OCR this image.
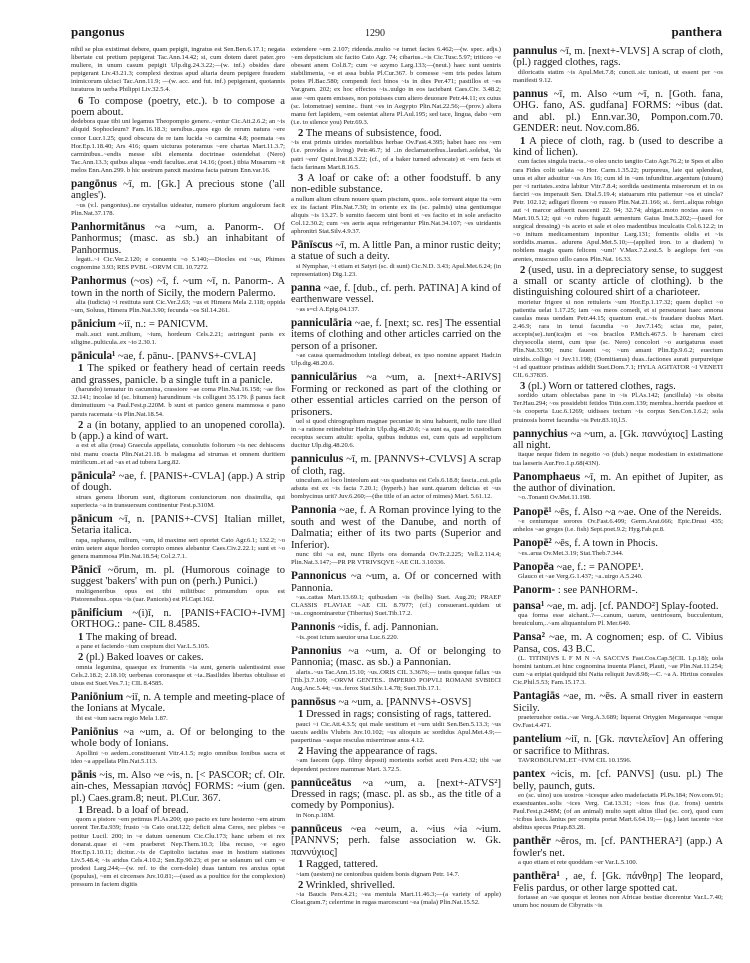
pangonus	1290	panthera

nihil se plus existimat debere, quam pepigit, ingratus est Sen.Ben.6.17.1; negata libertate cui pretium pepigerat Tac.Ann.14.42; si, cum dotem daret pater..pro muliere, in unum casum pepigit Ulp.dig.24.3.22;—(w. inf.) obsides dare pepigerant Liv.43.21.3; complexi dextras apud altaria deum pepigere fraudem inimicorum ulcisci Tac.Ann.11.9; —(w. acc. and fut. inf.) pepigerant, quotannis iuraturos in uerba Philippi Liv.32.5.4.

6 To compose (poetry, etc.). b to compose a poem about.

dedebora quae tibi uni legamus Theopompio genere..~entur Cic.Att.2.6.2; an ~is aliquid Sophocleum? Fam.16.18.3; uersibus..quos ego de rerum natura ~ere conor Lucr.1.25; quod obscura de re tam lucida ~o carmina 4.8; poemata ~es Hor.Ep.1.18.40; Ars 416; quam uicturas poteramus ~ere chartas Mart.11.3.7; carminibus..~endis messe sibi elementa doctrinae ostendebat (Nero) Tac.Ann.13.3; quibus aliqua ~endi facultas..erat 14.16; (poet.) tibia Musarum ~it melos Enn.Ann.299. b hic uestrum panxit maxima facta patrum Enn.var.16.

pangōnus ~ī, m. [Gk.] A precious stone ('all angles').

~us (v.l. pangonius)..ne crystallus uideatur, numero plurium angulorum facit Plin.Nat.37.178.

Panhormitānus ~a ~um, a. Panorm-. Of Panhormus; (masc. as sb.) an inhabitant of Panhormus.

legati..~i Cic.Ver.2.120; e conuentu ~o 5.140;—Diocles est ~us, Phimes cognomine 3.93; RES PVBL ~ORVM CIL 10.7272.

Panhormus (~os) ~ī, f. ~um ~ī, n. Panorm-. A town in the north of Sicily, the modern Palermo.

alia (iudicia) ~i restituta sunt Cic.Ver.2.63; ~us et Himera Mela 2.118; oppida ~um, Soluus, Himera Plin.Nat.3.90; fecunda ~os Sil.14.261.

pānicium ~iī, n.: = PANICVM.

mali..suci sunt..milium, ~ium, hordeum Cels.2.21; astringunt panis ex siligine..pulticula..ex ~io 2.30.1.

pānicula¹ ~ae, f. pānu-. [PANVS+-CVLA]

1 The spiked or feathery head of certain reeds and grasses, panicle. b a single tuft in a panicle.

(harundo) tenuatur in cacumina, crassiore ~ae coma Plin.Nat.16.158; ~ae flos 32.141; incolae id (sc. bitumen) harundinum ~is colligunt 35.179. β panus facit diminutiuum ~a Paul.Fest.p.220M. b sunt et panico genera mammosa e pano paruis racemata ~is Plin.Nat.18.54.

2 a (in botany, applied to an unopened corolla). b (app.) a kind of wart.

a est et alia (rosa) Graecula appellata, conuolutis foliorum ~is nec dehiscens nisi manu coacta Plin.Nat.21.18. b malagma ad strumas et omnem duritiem mirificum..et ad ~as et ad tubera Larg.82.

pānicula² ~ae, f. [PANIS+-CVLA] (app.) A strip of dough.

strues genera liborum sunt, digitorum coniunctorum non dissimilia, qui superiecta ~a in transuersum continentur Fest.p.310M.

pānicum ~ī, n. [PANIS+-CVS] Italian millet, Setaria italica.

rapa, raphanos, milium, ~um, id maxime seri oportet Cato Agr.6.1; 132.2; ~o enim uetere atque hordeo corrupto omnes alebantur Caes.Civ.2.22.1; sunt et ~o genera mammosa Plin.Nat.18.54; Col.2.7.1.

Pānicī ~ōrum, m. pl. (Humorous coinage to suggest 'bakers' with pun on (perh.) Punici.)

multigeneribus opus est tibi militibus: primumdum opus est Pistorensibus..opus ~is (uar. Paniceis) est Pl.Capt.162.

pānificium ~(i)ī, n. [PANIS+FACIO+-IVM] ORTHOG.: pane- CIL 8.4585.

1 The making of bread.

a pane et faciendo ~ium coeptum dici Var.L.5.105.

2 (pl.) Baked loaves or cakes.

omnia legumina, quaeque ex frumentis ~ia sunt, generis ualentissimi esse Cels.2.18.2; 2.18.10; uerbenas coronasque et ~ia..Basilides libertus obtulisse ei uisus est Suet.Ves.7.1; CIL 8.4585.

Paniōnium ~iī, n. A temple and meeting-place of the Ionians at Mycale.

ibi est ~ium sacra regio Mela 1.87.

Paniōnius ~a ~um, a. Of or belonging to the whole body of Ionians.

Apollini ~o aedem..constituerant Vitr.4.1.5; regio omnibus Ionibus sacra et ideo ~a appellata Plin.Nat.5.113.

pānis ~is, m. Also ~e ~is, n. [< PASCOR; cf. OIr. ain-ches, Messapian πανός] FORMS: ~ium (gen. pl.) Caes.gram.8; neut. Pl.Cur. 367.

1 Bread. b a loaf of bread.

quom a pistore ~em petimus Pl.As.200; quo pacto ex iure hesterno ~em atrum uorent Ter.Eu.939; frusto ~is Cato orat.122; deficit alma Ceres, nec plebes ~e potitur Lucil. 200; in ~e datum uenenum Cic.Clu.173; hanc urbem ei rex donarat..quae ei ~em praeberet Nep.Them.10.3; liba recuso, ~e egeo Hor.Ep.1.10.11; dicitur..~is de Capitolio iactatus esse in hostium stationes Liv.5.48.4; ~is aridus Cels.4.10.2; Sen.Ep.90.23; et per se solanum uel cum ~e prodest Larg.244;—(w. ref. to the corn-dole) duas tantum res anxius optat (populus), ~em et circenses Juv.10.81;—(used as a poultice for the complexion) pressum in faciem digitis

extendere ~em 2.107; ridenda..multo ~e tumet facies 6.462;—(w. spec. adjs.) ~em depsticium sic facito Cato Agr. 74; cibarius..~is Cic.Tusc.5.97; triticeo ~e obesant anem Col.8.7; cum ~e azymo Larg.133;—(neut.) haec sunt uentris stabilimenta, ~e et assa bubla Pl.Cur.367. b comesse ~em tris pedes latum potes Pl.Bac.580; compendi feci binos ~is in dies Per.471; pastillos et ~es Var.gram. 202; ex hoc effectos ~is..uulgo in eos iaciebant Caes.Civ. 3.48.2; asse ~em quem emisses, non potuisses cum altero deuorare Petr.44.11; ex cuius (sc. lotometrae) semine.. fiunt ~es in Aegypto Plin.Nat.22.56;—(prov.) altera manu fert lapidem, ~em ostentat altera Pl.Aul.195; sed tace, lingua, dabo ~em (i.e. to silence you) Petr.69.3.

2 The means of subsistence, food.

~is erat primis uirides mortalibus herbae Ov.Fast.4.395; habet haec res ~em (i.e. provides a living) Petr.46.7; id ..in declamatoribus..laudari..solebat, 'da patri ~em' Quint.Inst.8.3.22; (cf., of a baker turned advocate) et ~em facis et facis farinam Mart.8.16.5.

3 A loaf or cake of: a other foodstuff. b any non-edible substance.

a nullum alium cibum nouere quam piscium, quos.. sole torreant atque ita ~em ex iis faciant Plin.Nat.7.30; in oriente ex iis (sc. palmis) uina gentiumque aliquis ~is 13.27. b sumito faecem uini boni et ~es facito et in sole arefacito Col.12.30.2; cum ~es aeris aqua refrigerantur Plin.Nat.34.107; ~es uiridantis aphronitri Stat.Silv.4.9.37.

Pānīscus ~ī, m. A little Pan, a minor rustic deity; a statue of such a deity.

si Nymphae, ~i etiam et Satyri (sc. di sunt) Cic.N.D. 3.43; Apul.Met.6.24; (in representation) Dig.1.23.

panna ~ae, f. [dub., cf. perh. PATINA] A kind of earthenware vessel.

~as s=cl A.Epig.04.137.

panniculāria ~ae, f. [next; sc. res] The essential items of clothing and other articles carried on the person of a prisoner.

~ae causa quemadmodum intellegi debeat, ex ipso nomine apparet Hadr.in Ulp.dig.48.20.6.

panniculārius ~a ~um, a. [next+-ARIVS] Forming or reckoned as part of the clothing or other essential articles carried on the person of prisoners.

uel si quod chirographum magnae pecuniae in sinu habuerit, nullo iure illud in ~a ratione retinebitur Hadr.in Ulp.dig.48.20.6; ~a sunt ea, quae in custodiam receptus secum attulit: spolia, quibus indutus est, cum quis ad supplicium ducitur Ulp.dig.48.20.6.

panniculus ~ī, m. [PANNVS+-CVLVS] A scrap of cloth, rag.

uinculum..ei loco linteolum aut ~us quadratus est Cels.6.18.8; fascia..cui..pila adsuta est ex ~is facta 7.20.1; (hyperb.) hae sunt..quarum delicias et ~us bombycinus urit? Juv.6.260;—(the title of an actor of mimes) Mart. 5.61.12.

Pannonia ~ae, f. A Roman province lying to the south and west of the Danube, and north of Dalmatia; either of its two parts (Superior and Inferior).

nunc tibi ~a est, nunc Illyris ora domanda Ov.Tr.2.225; Vell.2.114.4; Plin.Nat.3.147;—PR PR VTRIVSQVE ~AE CIL 3.10336.

Pannonicus ~a ~um, a. Of or concerned with Pannonia.

~as..cattas Mart.13.69.1; quibusdam ~is (bellis) Suet. Aug.20; PRAEF CLASSIS FLAVIAE ~AE CIL 8.7977; (cf.) consuerant..quidam ut ~us..cognominaretur (Tiberius) Suet.Tib.17.2.

Pannonis ~idis, f. adj. Pannonian.

~is..post ictum saeuior ursa Luc.6.220.

Pannonius ~a ~um, a. Of or belonging to Pannonia; (masc. as sb.) a Pannonian.

alaris..~us Tac.Ann.15.10; ~us..ORIS CIL 3.3676;— testis quoque fallax ~us [Tib.]3.7.109; ~ORVM GENTES.. IMPERIO POPVLI ROMANI SVBIECI Aug.Anc.5.44; ~us..ferox Stat.Silv.1.4.78; Suet.Tib.17.1.

pannōsus ~a ~um, a. [PANNVS+-OSVS]

1 Dressed in rags; consisting of rags, tattered.

pauci ~i Cic.Att.4.3.5; qui male uestitum et ~um uidit Sen.Ben.5.13.3; ~us uacuis aedilis Vlubris Juv.10.102; ~us alioquin ac sordidus Apul.Met.4.9;—paupertinas ~asque resculas miserrimae anus 4.12.

2 Having the appearance of rags.

~am faecem (app. filmy deposit) morientis sorbet aceti Pers.4.32; tibi ~ae dependent pectore mammae Mart. 3.72.5.

pannūceātus ~a ~um, a. [next+-ATVS²] Dressed in rags; (masc. pl. as sb., as the title of a comedy by Pomponius).

in Non.p.18M.

pannūceus ~ea ~eum, a. ~ius ~ia ~ium. [PANNVS; perh. false association w. Gk. παννύχιος]

1 Ragged, tattered.

~iam (uestem) ne centonibus quidem bonis dignam Petr. 14.7.

2 Wrinkled, shrivelled.

~ia Baucis Pers.4.21; ~ea mentula Mart.11.46.3;—(a variety of apple) Cloat.gram.7; celerrime in rugas marcescunt ~ea (mala) Plin.Nat.15.52.

pannulus ~ī, m. [next+-VLVS] A scrap of cloth, (pl.) ragged clothes, rags.

diloricatis statim ~is Apul.Met.7.8; cuncti..sic tunicati, ut essent per ~os manifesti 9.12.

pannus ~ī, m. Also ~um ~ī, n. [Goth. fana, OHG. fano, AS. gudfana] FORMS: ~ibus (dat. and abl. pl.) Enn.var.30, Pompon.com.70. GENDER: neut. Nov.com.86.

1 A piece of cloth, rag. b (used to describe a kind of lichen).

cum facies singula tracta..~o oleo uncto tangito Cato Agr.76.2; te Spes et albo rara Fides colit uelata ~o Hor. Carm.1.35.22; purpureus, late qui splendeat, unus et alter adsuitur ~us Ars 16; cum id in ~um infunditur..argentum (uiuum) per ~i raritates..extra labitur Vitr.7.8.4; sordida uestimenta miserorum et in os farciri ~os imperauit Sen. Dial.5.19.4; statuarum ritu patiemur ~os et uincla? Petr. 102.12; adligari florem ~o russeo Plin.Nat.21.166; si.. ferri..aliqua robigo aut ~i marcor adfuerit nascenti 22. 94; 32.74; abigat..moto noxias aues ~o Mart.10.5.12; qui ~o rubro fugauit armentum Gaius Inst.3.202;—(used for surgical dressing) ~is aceto et sale et oleo madentibus inculcatis Col.6.12.2; in ~o initum medicamentum inponitur Larg.131; fomentis olidis et ~is sordidis..manus.. adurens Apul.Met.5.10;—(applied iron. to a diadem) 'o nobilem magis quam felicem ~um!' V.Max.7.2.ext.5. b aegilops fert ~os arentes, muscoso uillo canos Plin.Nat. 16.33.

2 (used, usu. in a depreciatory sense, to suggest a small or scanty article of clothing). b the distinguishing coloured shirt of a charioteer.

morietur frigore si non rettuleris ~um Hor.Ep.1.17.32; quem duplici ~o patientia uelat 1.17.25; iam ~os meos comedi, et si perseuerat haec annona casulas meas uendam Petr.44.15; quantum erat..~is fraudare duobus Mart. 2.46.9; rara in tenui facundia ~o Juv.7.145; scias me, pater, accepis(se)..tun(ica)m et ~os bracilos P.Mich.467.5. b harenam circi chrysocolla sterni, cum ipse (sc. Nero) concolori ~o aurigaturus esset Plin.Nat.33.90; nunc fauent ~o; ~um amant Plin.Ep.9.6.2; euectum uiridis..colligo ~i Juv.11.198; (Domitianus) duas..factiones aurati purpureique ~i ad quattuor pristinas addidit Suet.Dom.7.1; HYLA AGITATOR ~I VENETI CIL 6.37835.

3 (pl.) Worn or tattered clothes, rags.

sordido uitam oblectabas pane in ~is Pl.As.142; (ancillula) ~is obsita Ter.Hau.294; ~os possidebit fetidos Titin.com.139; membra..horrida paedore et ~is cooperta Luc.6.1269; uidisses tectum ~is corpus Sen.Con.1.6.2; sola pruinosis horret facundia ~is Petr.83.10,l.5.

pannychius ~a ~um, a. [Gk. παννύχιος] Lasting all night.

itaque neque fidem in negotio ~o (dub.) neque modestiam in existimatione tua laeseris Aur.Fro.1.p.68(43N).

Panomphaeus ~ī, m. An epithet of Jupiter, as the author of divination.

~o..Tonanti Ov.Met.11.198.

Panopē¹ ~ēs, f. Also ~a ~ae. One of the Nereids.

~e centumque sorores Ov.Fast.6.499; Germ.Arat.666; Epic.Drusi 435; anhelos ~ae greges (i.e. fish) Sept.poet.9.2; Hyg.Fab.pr.8.

Panopē² ~ēs, f. A town in Phocis.

~es..arua Ov.Met.3.19; Stat.Theb.7.344.

Panopēa ~ae, f.: = PANOPE¹.

Glauco et ~ae Verg.G.1.437; ~a..uirgo A.5.240.

Panorm- : see PANHORM-.

pansa¹ ~ae, m. adj. [cf. PANDO²] Splay-footed.

qua forma esse aichant..?—..canum, uarum, uentriosum, bucculentum, breuiculum,..~am aliquantulum Pl. Mer.640.

Pansa² ~ae, m. A cognomen; esp. of C. Vibius Pansa, cos. 43 B.C.

(L. TITINI)VS L F M N ~A SACCVS Fast.Cos.Cap.5(CIL 1.p.18); uola homini tantum..et hinc cognomina inuenta Planci, Plauti, ~ae Plin.Nat.11.254; cum ~a eripiat quidquid tibi Natta reliquit Juv.8.98;—C. ~a A. Hirtius consules Cic.Phil.5.53; Fam.15.17.3.

Pantagiās ~ae, m. ~ēs. A small river in eastern Sicily.

praeteruehor ostia..~ae Verg.A.3.689; liquerat Ortygien Megareaque ~enque Ov.Fast.4.471.

pantelium ~iī, n. [Gk. παντελεῖον] An offering or sacrifice to Mithras.

TAVROBOLIVM..ET ~IVM CIL 10.1596.

pantex ~icis, m. [cf. PANVS] (usu. pl.) The belly, paunch, guts.

eo (sc. uino) uos uostros ~icesque adeo madefactatis Pl.Ps.184; Nov.com.91; exaestuantes..solis ~ices Verg. Cat.13.31; ~ices frus (i.e. frons) uentris Paul.Fest.p.248M; (of an animal) multo sapit altius illud (sc. cor), quod cum ~icibus laxis..lanius per compita portat Mart.6.64.19;— (sg.) latet iacente ~ice abditus specus Priap.83.28.

panthēr ~ēros, m. [cf. PANTHERA²] (app.) A fowler's net.

a quo etiam et rete quoddam ~er Var.L.5.100.

panthēra¹ , ae, f. [Gk. πάνθηρ] The leopard, Felis pardus, or other large spotted cat.

fortasse an ~ae quoque et leones non Africae bestiae dicerentur Var.L.7.40; unum hoc nouum de Cibyratis ~is
